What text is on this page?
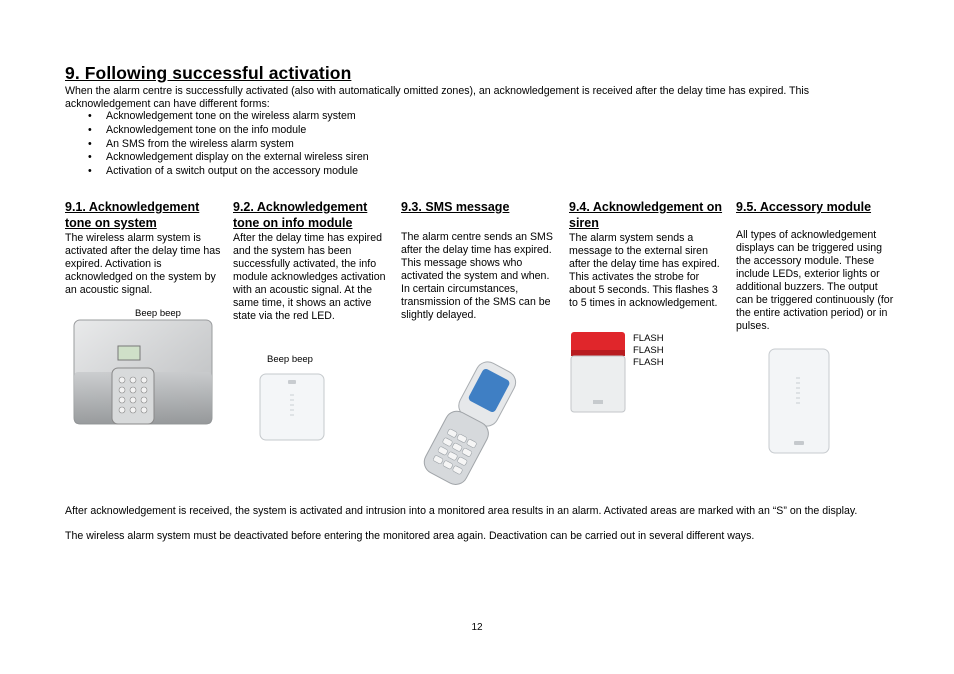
9. Following successful activation
When the alarm centre is successfully activated (also with automatically omitted zones), an acknowledgement is received after the delay time has expired. This acknowledgement can have different forms:
• Acknowledgement tone on the wireless alarm system
• Acknowledgement tone on the info module
• An SMS from the wireless alarm system
• Acknowledgement display on the external wireless siren
• Activation of a switch output on the accessory module
9.1. Acknowledgement tone on system
The wireless alarm system is activated after the delay time has expired. Activation is acknowledged on the system by an acoustic signal.
Beep beep
9.2. Acknowledgement tone on info module
After the delay time has expired and the system has been successfully activated, the info module acknowledges activation with an acoustic signal. At the same time, it shows an active state via the red LED.
Beep beep
9.3. SMS message
The alarm centre sends an SMS after the delay time has expired. This message shows who activated the system and when. In certain circumstances, transmission of the SMS can be slightly delayed.
9.4. Acknowledgement on siren
The alarm system sends a message to the external siren after the delay time has expired. This activates the strobe for about 5 seconds. This flashes 3 to 5 times in acknowledgement.
FLASH
FLASH
FLASH
9.5. Accessory module
All types of acknowledgement displays can be triggered using the accessory module. These include LEDs, exterior lights or additional buzzers. The output can be triggered continuously (for the entire activation period) or in pulses.
After acknowledgement is received, the system is activated and intrusion into a monitored area results in an alarm. Activated areas are marked with an “S” on the display.
The wireless alarm system must be deactivated before entering the monitored area again. Deactivation can be carried out in several different ways.
12
